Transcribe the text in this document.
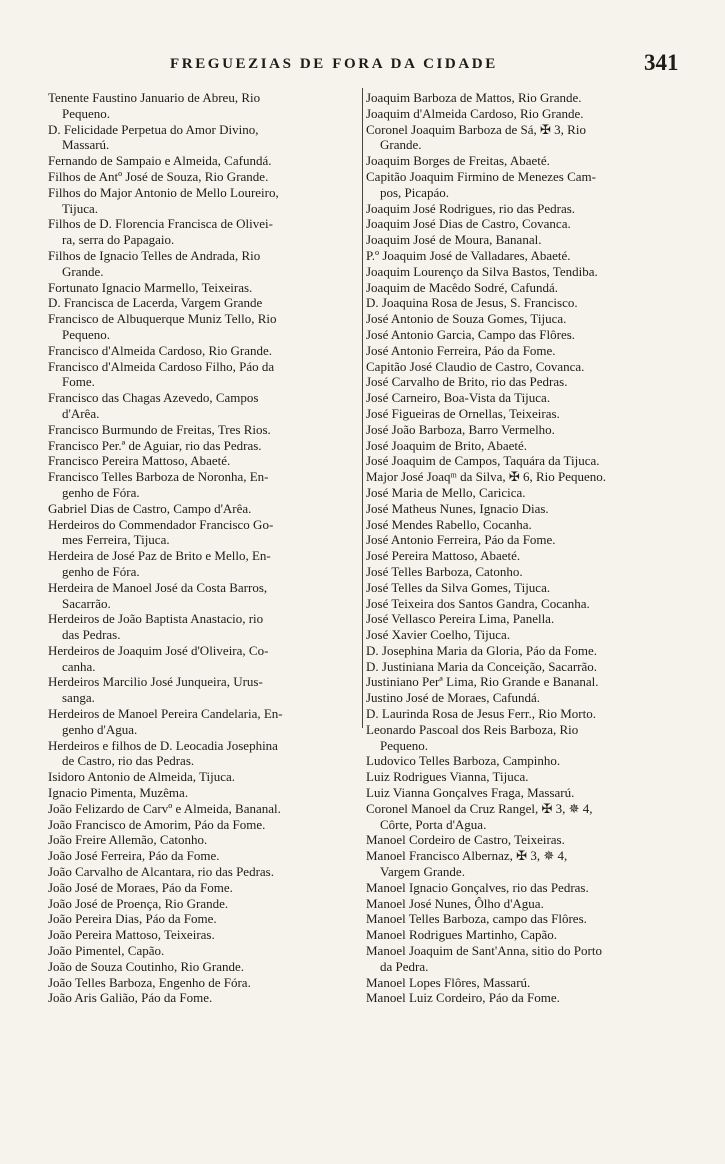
FREGUEZIAS DE FORA DA CIDADE	341
Tenente Faustino Januario de Abreu, Rio
Pequeno.
D. Felicidade Perpetua do Amor Divino,
Massarú.
Fernando de Sampaio e Almeida, Cafundá.
Filhos de Antº José de Souza, Rio Grande.
Filhos do Major Antonio de Mello Loureiro,
Tijuca.
Filhos de D. Florencia Francisca de Olivei-
ra, serra do Papagaio.
Filhos de Ignacio Telles de Andrada, Rio
Grande.
Fortunato Ignacio Marmello, Teixeiras.
D. Francisca de Lacerda, Vargem Grande
Francisco de Albuquerque Muniz Tello, Rio
Pequeno.
Francisco d'Almeida Cardoso, Rio Grande.
Francisco d'Almeida Cardoso Filho, Páo da
Fome.
Francisco das Chagas Azevedo, Campos
d'Arêa.
Francisco Burmundo de Freitas, Tres Rios.
Francisco Per.ª de Aguiar, rio das Pedras.
Francisco Pereira Mattoso, Abaeté.
Francisco Telles Barboza de Noronha, En-
genho de Fóra.
Gabriel Dias de Castro, Campo d'Arêa.
Herdeiros do Commendador Francisco Go-
mes Ferreira, Tijuca.
Herdeira de José Paz de Brito e Mello, En-
genho de Fóra.
Herdeira de Manoel José da Costa Barros,
Sacarrão.
Herdeiros de João Baptista Anastacio, rio
das Pedras.
Herdeiros de Joaquim José d'Oliveira, Co-
canha.
Herdeiros Marcilio José Junqueira, Urus-
sanga.
Herdeiros de Manoel Pereira Candelaria, En-
genho d'Agua.
Herdeiros e filhos de D. Leocadia Josephina
de Castro, rio das Pedras.
Isidoro Antonio de Almeida, Tijuca.
Ignacio Pimenta, Muzêma.
João Felizardo de Carvº e Almeida, Bananal.
João Francisco de Amorim, Páo da Fome.
João Freire Allemão, Catonho.
João José Ferreira, Páo da Fome.
João Carvalho de Alcantara, rio das Pedras.
João José de Moraes, Páo da Fome.
João José de Proença, Rio Grande.
João Pereira Dias, Páo da Fome.
João Pereira Mattoso, Teixeiras.
João Pimentel, Capão.
João de Souza Coutinho, Rio Grande.
João Telles Barboza, Engenho de Fóra.
João Aris Galião, Páo da Fome.
Joaquim Barboza de Mattos, Rio Grande.
Joaquim d'Almeida Cardoso, Rio Grande.
Coronel Joaquim Barboza de Sá, ✠ 3, Rio
Grande.
Joaquim Borges de Freitas, Abaeté.
Capitão Joaquim Firmino de Menezes Cam-
pos, Picapáo.
Joaquim José Rodrigues, rio das Pedras.
Joaquim José Dias de Castro, Covanca.
Joaquim José de Moura, Bananal.
P.º Joaquim José de Valladares, Abaeté.
Joaquim Lourenço da Silva Bastos, Tendiba.
Joaquim de Macêdo Sodré, Cafundá.
D. Joaquina Rosa de Jesus, S. Francisco.
José Antonio de Souza Gomes, Tijuca.
José Antonio Garcia, Campo das Flôres.
José Antonio Ferreira, Páo da Fome.
Capitão José Claudio de Castro, Covanca.
José Carvalho de Brito, rio das Pedras.
José Carneiro, Boa-Vista da Tijuca.
José Figueiras de Ornellas, Teixeiras.
José João Barboza, Barro Vermelho.
José Joaquim de Brito, Abaeté.
José Joaquim de Campos, Taquára da Tijuca.
Major José Joaqᵐ da Silva, ✠ 6, Rio Pequeno.
José Maria de Mello, Caricica.
José Matheus Nunes, Ignacio Dias.
José Mendes Rabello, Cocanha.
José Antonio Ferreira, Páo da Fome.
José Pereira Mattoso, Abaeté.
José Telles Barboza, Catonho.
José Telles da Silva Gomes, Tijuca.
José Teixeira dos Santos Gandra, Cocanha.
José Vellasco Pereira Lima, Panella.
José Xavier Coelho, Tijuca.
D. Josephina Maria da Gloria, Páo da Fome.
D. Justiniana Maria da Conceição, Sacarrão.
Justiniano Perª Lima, Rio Grande e Bananal.
Justino José de Moraes, Cafundá.
D. Laurinda Rosa de Jesus Ferr., Rio Morto.
Leonardo Pascoal dos Reis Barboza, Rio
Pequeno.
Ludovico Telles Barboza, Campinho.
Luiz Rodrigues Vianna, Tijuca.
Luiz Vianna Gonçalves Fraga, Massarú.
Coronel Manoel da Cruz Rangel, ✠ 3, ✵ 4,
Côrte, Porta d'Agua.
Manoel Cordeiro de Castro, Teixeiras.
Manoel Francisco Albernaz, ✠ 3, ✵ 4,
Vargem Grande.
Manoel Ignacio Gonçalves, rio das Pedras.
Manoel José Nunes, Ôlho d'Agua.
Manoel Telles Barboza, campo das Flôres.
Manoel Rodrigues Martinho, Capão.
Manoel Joaquim de Sant'Anna, sitio do Porto
da Pedra.
Manoel Lopes Flôres, Massarú.
Manoel Luiz Cordeiro, Páo da Fome.
